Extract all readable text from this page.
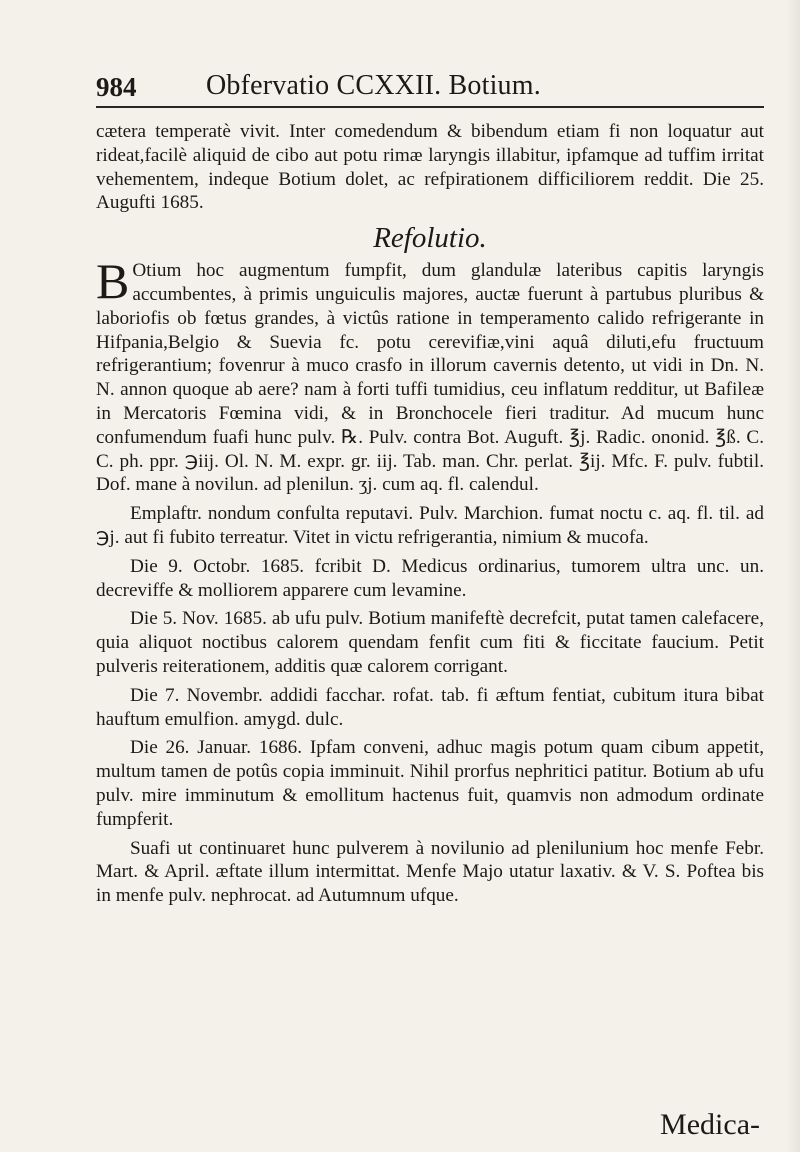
984 Obfervatio CCXXII. Botium.

cætera temperatè vivit. Inter comedendum & bibendum etiam fi non loquatur aut rideat,facilè aliquid de cibo aut potu rimæ laryngis illabitur, ipfamque ad tuffim irritat vehementem, indeque Botium dolet, ac refpirationem difficiliorem reddit. Die 25. Augufti 1685.

Refolutio.

B Otium hoc augmentum fumpfit, dum glandulæ lateribus capitis laryngis accumbentes, à primis unguiculis majores, auctæ fuerunt à partubus pluribus & laboriofis ob fœtus grandes, à victûs ratione in temperamento calido refrigerante in Hifpania,Belgio & Suevia fc. potu cerevifiæ,vini aquâ diluti,efu fructuum refrigerantium; fovenrur à muco crasfo in illorum cavernis detento, ut vidi in Dn. N. N. annon quoque ab aere? nam à forti tuffi tumidius, ceu inflatum redditur, ut Bafileæ in Mercatoris Fœmina vidi, & in Bronchocele fieri traditur. Ad mucum hunc confumendum fuafi hunc pulv. ℞. Pulv. contra Bot. Auguft. ℥j. Radic. ononid. ℥ß. C. C. ph. ppr. ℈iij. Ol. N. M. expr. gr. iij. Tab. man. Chr. perlat. ℥ij. Mfc. F. pulv. fubtil. Dof. mane à novilun. ad plenilun. ʒj. cum aq. fl. calendul.

Emplaftr. nondum confulta reputavi. Pulv. Marchion. fumat noctu c. aq. fl. til. ad ℈j. aut fi fubito terreatur. Vitet in victu refrigerantia, nimium & mucofa.

Die 9. Octobr. 1685. fcribit D. Medicus ordinarius, tumorem ultra unc. un. decreviffe & molliorem apparere cum levamine.

Die 5. Nov. 1685. ab ufu pulv. Botium manifeftè decrefcit, putat tamen calefacere, quia aliquot noctibus calorem quendam fenfit cum fiti & ficcitate faucium. Petit pulveris reiterationem, additis quæ calorem corrigant.

Die 7. Novembr. addidi facchar. rofat. tab. fi æftum fentiat, cubitum itura bibat hauftum emulfion. amygd. dulc.

Die 26. Januar. 1686. Ipfam conveni, adhuc magis potum quam cibum appetit, multum tamen de potûs copia imminuit. Nihil prorfus nephritici patitur. Botium ab ufu pulv. mire imminutum & emollitum hactenus fuit, quamvis non admodum ordinate fumpferit.

Suafi ut continuaret hunc pulverem à novilunio ad plenilunium hoc menfe Febr. Mart. & April. æftate illum intermittat. Menfe Majo utatur laxativ. & V. S. Poftea bis in menfe pulv. nephrocat. ad Autumnum ufque.

Medica-
